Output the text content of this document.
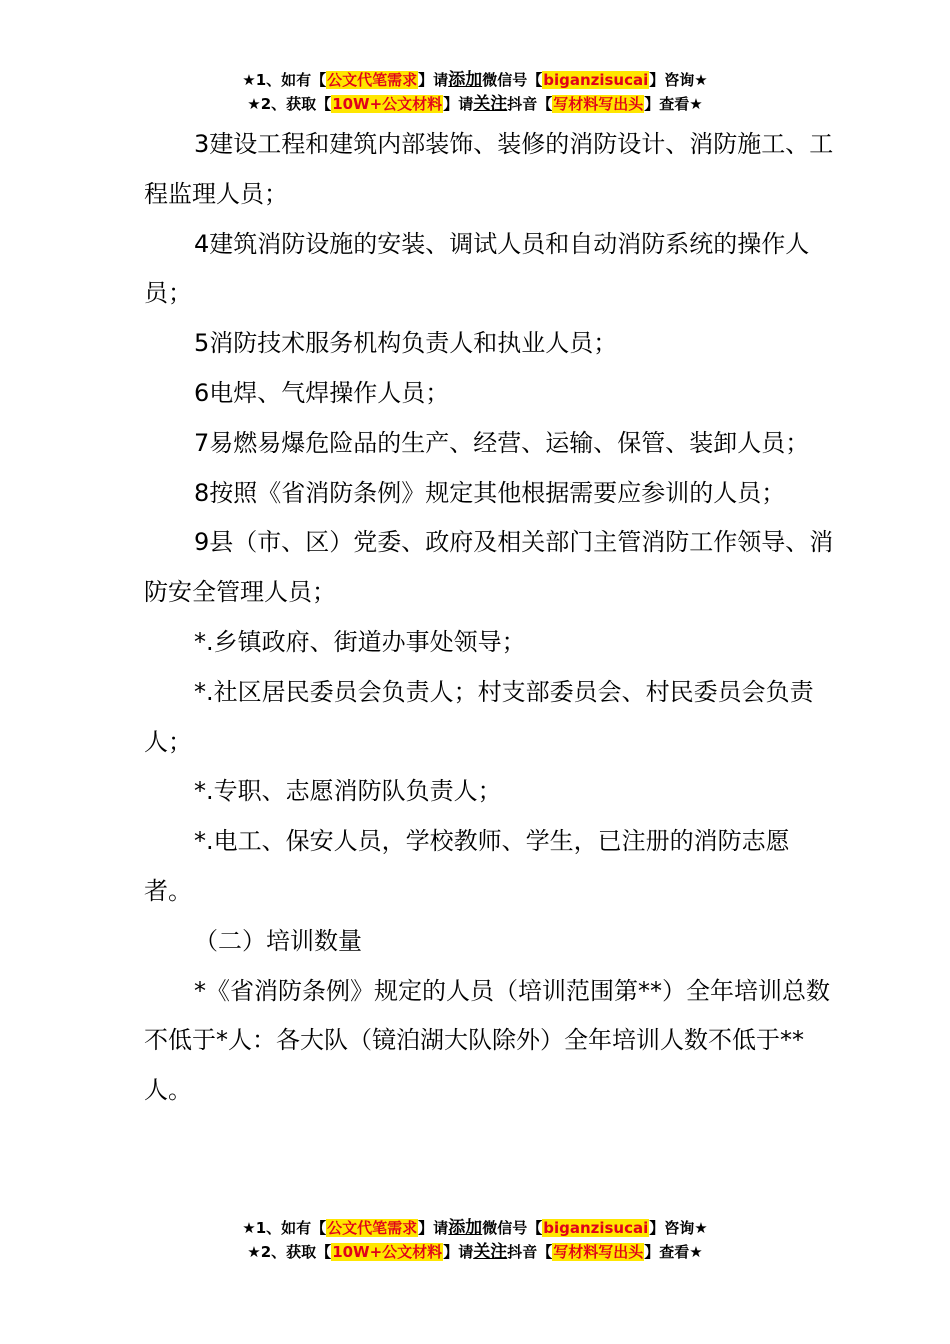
★1、如有【公文代笔需求】请添加微信号【biganzisucai】咨询★
★2、获取【10W+公文材料】请关注抖音【写材料写出头】查看★

3建设工程和建筑内部装饰、装修的消防设计、消防施工、工程监理人员；

4建筑消防设施的安装、调试人员和自动消防系统的操作人员；

5消防技术服务机构负责人和执业人员；

6电焊、气焊操作人员；

7易燃易爆危险品的生产、经营、运输、保管、装卸人员；

8按照《省消防条例》规定其他根据需要应参训的人员；

9县（市、区）党委、政府及相关部门主管消防工作领导、消防安全管理人员；

*.乡镇政府、街道办事处领导；

*.社区居民委员会负责人；村支部委员会、村民委员会负责人；

*.专职、志愿消防队负责人；

*.电工、保安人员，学校教师、学生，已注册的消防志愿者。

（二）培训数量

*《省消防条例》规定的人员（培训范围第**）全年培训总数不低于*人：各大队（镜泊湖大队除外）全年培训人数不低于**人。

★1、如有【公文代笔需求】请添加微信号【biganzisucai】咨询★
★2、获取【10W+公文材料】请关注抖音【写材料写出头】查看★
